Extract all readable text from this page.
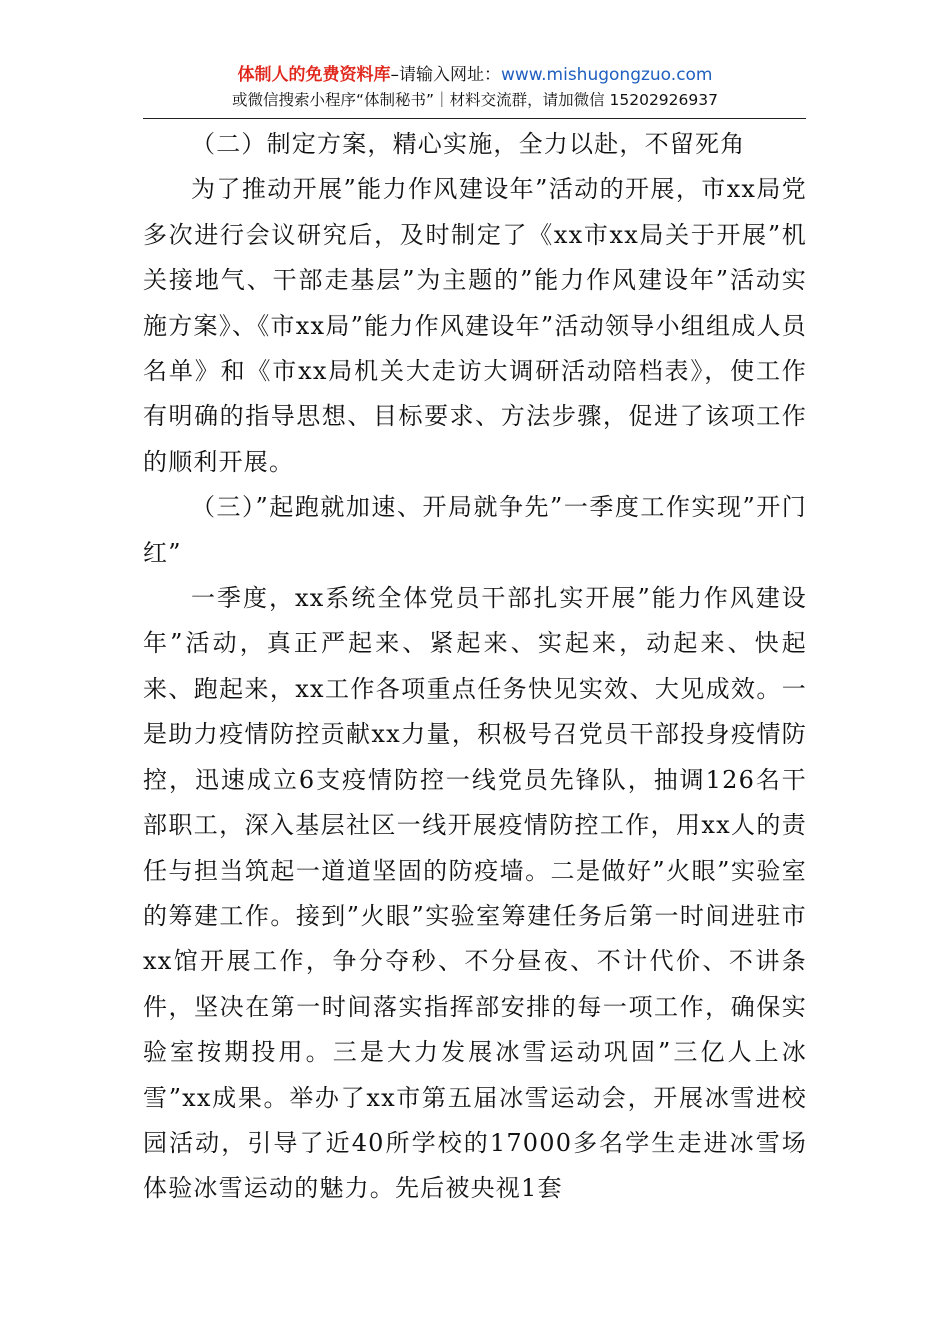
体制人的免费资料库–请输入网址：www.mishugongzuo.com
或微信搜索小程序“体制秘书”｜材料交流群，请加微信 15202926937

（二）制定方案，精心实施，全力以赴，不留死角

为了推动开展”能力作风建设年”活动的开展，市xx局党多次进行会议研究后，及时制定了《xx市xx局关于开展”机关接地气、干部走基层”为主题的”能力作风建设年”活动实施方案》、《市xx局”能力作风建设年”活动领导小组组成人员名单》和《市xx局机关大走访大调研活动陪档表》，使工作有明确的指导思想、目标要求、方法步骤，促进了该项工作的顺利开展。

（三）”起跑就加速、开局就争先”一季度工作实现”开门红”

一季度，xx系统全体党员干部扎实开展”能力作风建设年”活动，真正严起来、紧起来、实起来，动起来、快起来、跑起来，xx工作各项重点任务快见实效、大见成效。一是助力疫情防控贡献xx力量，积极号召党员干部投身疫情防控，迅速成立6支疫情防控一线党员先锋队，抽调126名干部职工，深入基层社区一线开展疫情防控工作，用xx人的责任与担当筑起一道道坚固的防疫墙。二是做好”火眼”实验室的筹建工作。接到”火眼”实验室筹建任务后第一时间进驻市xx馆开展工作，争分夺秒、不分昼夜、不计代价、不讲条件，坚决在第一时间落实指挥部安排的每一项工作，确保实验室按期投用。三是大力发展冰雪运动巩固”三亿人上冰雪”xx成果。举办了xx市第五届冰雪运动会，开展冰雪进校园活动，引导了近40所学校的17000多名学生走进冰雪场体验冰雪运动的魅力。先后被央视1套
